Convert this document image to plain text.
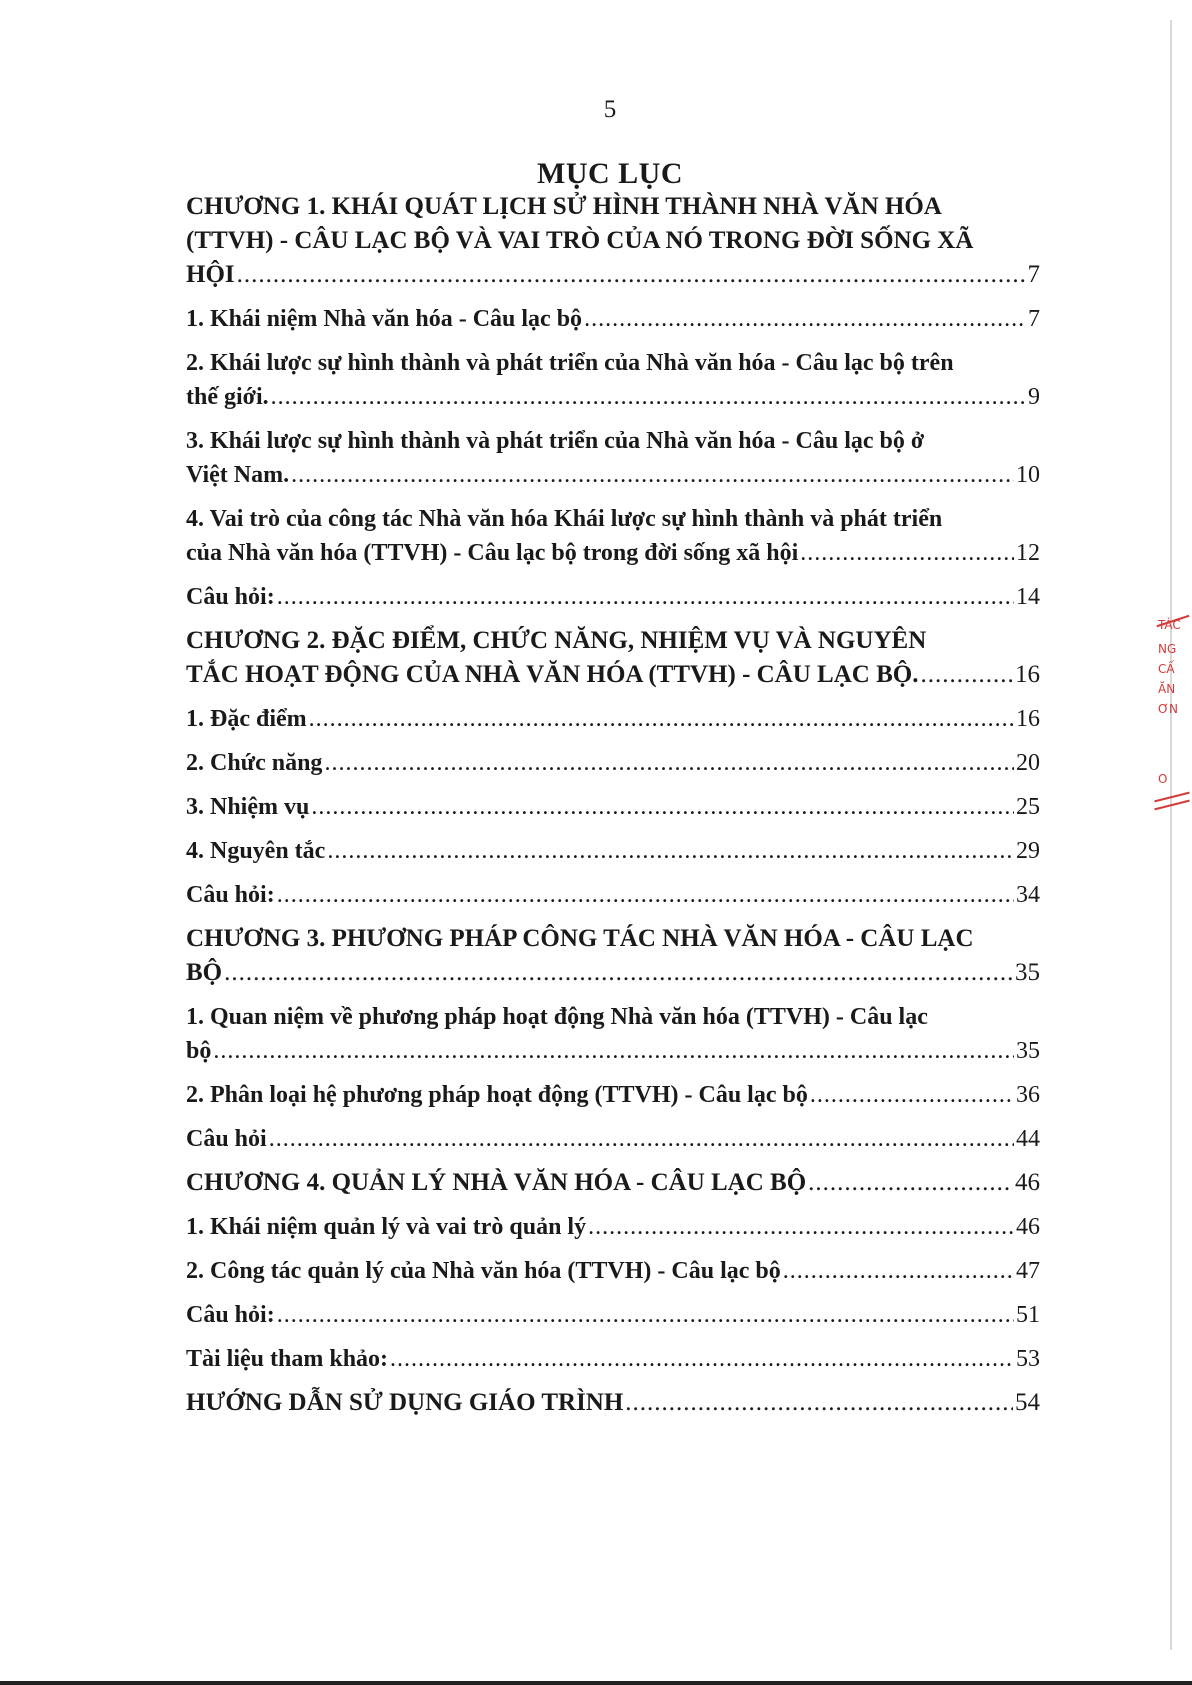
5
MỤC LỤC
CHƯƠNG 1. KHÁI QUÁT LỊCH SỬ HÌNH THÀNH NHÀ VĂN HÓA
(TTVH) - CÂU LẠC BỘ VÀ VAI TRÒ CỦA NÓ TRONG ĐỜI SỐNG XÃ
HỘI .....	7
1. Khái niệm Nhà văn hóa - Câu lạc bộ .....	7
2. Khái lược sự hình thành và phát triển của Nhà văn hóa - Câu lạc bộ trên
thế giới. .....	9
3. Khái lược sự hình thành và phát triển của Nhà văn hóa - Câu lạc bộ ở
Việt Nam. .....	10
4. Vai trò của công tác Nhà văn hóa Khái lược sự hình thành và phát triển
của Nhà văn hóa (TTVH) - Câu lạc bộ trong đời sống xã hội .....	12
Câu hỏi: .....	14
CHƯƠNG 2. ĐẶC ĐIỂM, CHỨC NĂNG, NHIỆM VỤ VÀ NGUYÊN
TẮC HOẠT ĐỘNG CỦA NHÀ VĂN HÓA (TTVH) - CÂU LẠC BỘ. .....	16
1. Đặc điểm .....	16
2. Chức năng .....	20
3. Nhiệm vụ .....	25
4. Nguyên tắc .....	29
Câu hỏi: .....	34
CHƯƠNG 3. PHƯƠNG PHÁP CÔNG TÁC NHÀ VĂN HÓA - CÂU LẠC
BỘ .....	35
1. Quan niệm về phương pháp hoạt động Nhà văn hóa (TTVH) - Câu lạc
bộ .....	35
2. Phân loại hệ phương pháp hoạt động (TTVH) - Câu lạc bộ .....	36
Câu hỏi .....	44
CHƯƠNG 4. QUẢN LÝ NHÀ VĂN HÓA - CÂU LẠC BỘ .....	46
1. Khái niệm quản lý và vai trò quản lý .....	46
2. Công tác quản lý của Nhà văn hóa (TTVH) - Câu lạc bộ .....	47
Câu hỏi: .....	51
Tài liệu tham khảo: .....	53
HƯỚNG DẪN SỬ DỤNG GIÁO TRÌNH .....	54
TÁC
NG
CẤ
ĂN
ƠN
O
